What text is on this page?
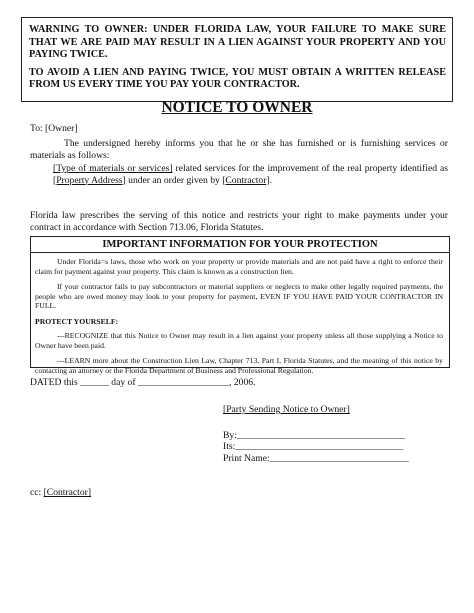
WARNING TO OWNER: UNDER FLORIDA LAW, YOUR FAILURE TO MAKE SURE THAT WE ARE PAID MAY RESULT IN A LIEN AGAINST YOUR PROPERTY AND YOU PAYING TWICE.

TO AVOID A LIEN AND PAYING TWICE, YOU MUST OBTAIN A WRITTEN RELEASE FROM US EVERY TIME YOU PAY YOUR CONTRACTOR.

NOTICE TO OWNER
To: [Owner]
The undersigned hereby informs you that he or she has furnished or is furnishing services or materials as follows:
[Type of materials or services] related services for the improvement of the real property identified as [Property Address] under an order given by [Contractor].
Florida law prescribes the serving of this notice and restricts your right to make payments under your contract in accordance with Section 713.06, Florida Statutes.
IMPORTANT INFORMATION FOR YOUR PROTECTION

Under Florida=s laws, those who work on your property or provide materials and are not paid have a right to enforce their claim for payment against your property. This claim is known as a construction lien.

If your contractor fails to pay subcontractors or material suppliers or neglects to make other legally required payments, the people who are owed money may look to your property for payment, EVEN IF YOU HAVE PAID YOUR CONTRACTOR IN FULL.

PROTECT YOURSELF:

---RECOGNIZE that this Notice to Owner may result in a lien against your property unless all those supplying a Notice to Owner have been paid.

---LEARN more about the Construction Lien Law, Chapter 713, Part I, Florida Statutes, and the meaning of this notice by contacting an attorney or the Florida Department of Business and Professional Regulation.

DATED this ______ day of ___________________, 2006.
[Party Sending Notice to Owner]
By:___________________________________
Its:___________________________________
Print Name:_____________________________
cc: [Contractor]
